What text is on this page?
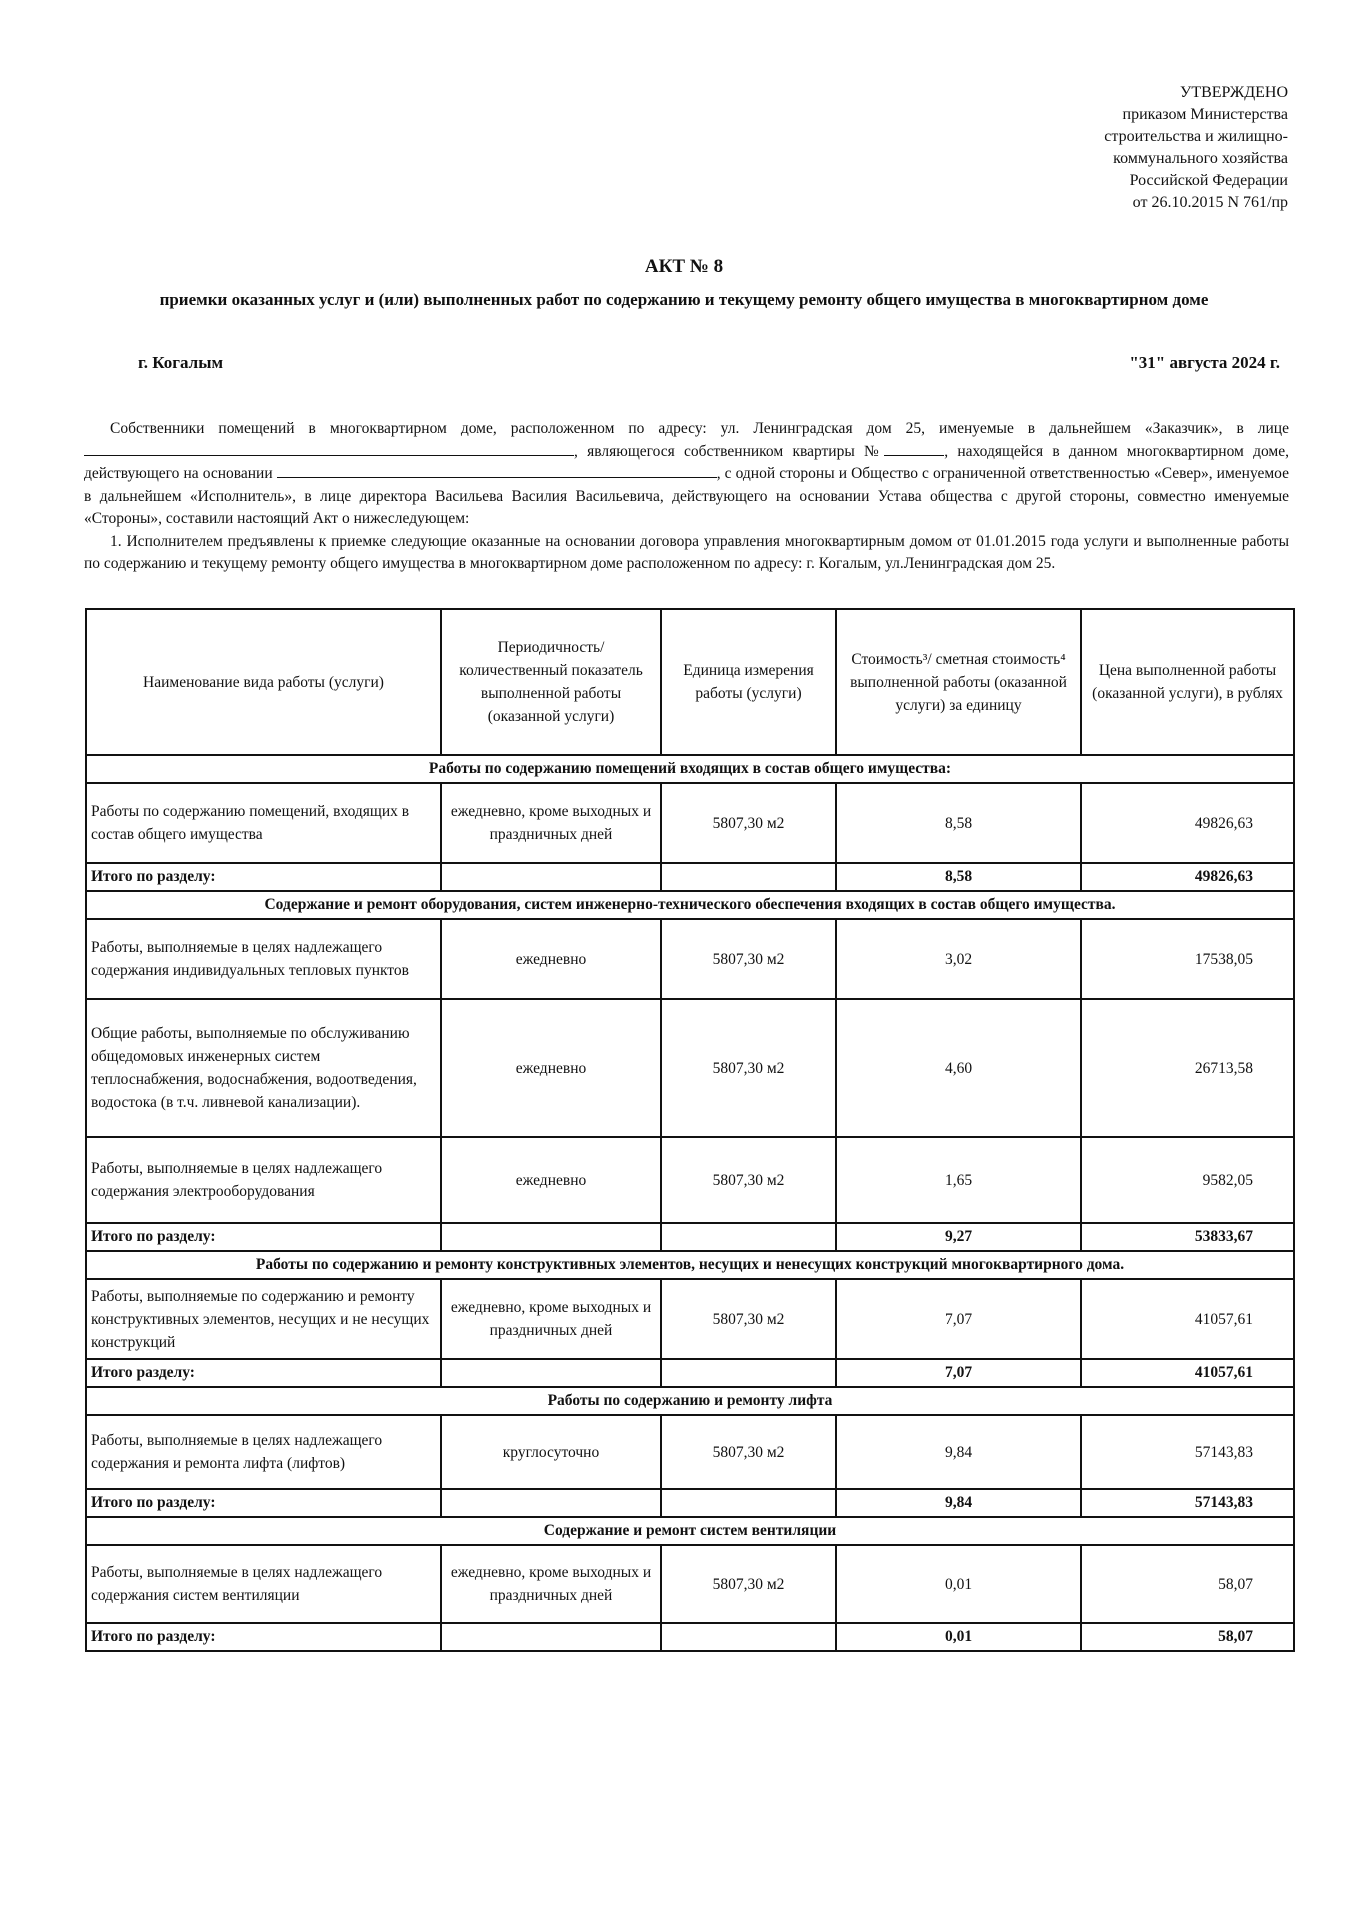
УТВЕРЖДЕНО
приказом Министерства
строительства и жилищно-
коммунального хозяйства
Российской Федерации
от 26.10.2015 N 761/пр
АКТ № 8
приемки оказанных услуг и (или) выполненных работ по содержанию и текущему ремонту общего имущества в многоквартирном доме
г. Когалым	"31" августа 2024 г.

Собственники помещений в многоквартирном доме, расположенном по адресу: ул. Ленинградская дом 25, именуемые в дальнейшем «Заказчик», в лице , являющегося собственником квартиры №	, находящейся в данном многоквартирном доме, действующего на основании	, с одной стороны и Общество с ограниченной ответственностью «Север», именуемое в дальнейшем «Исполнитель», в лице директора Васильева Василия Васильевича, действующего на основании Устава общества с другой стороны, совместно именуемые «Стороны», составили настоящий Акт о нижеследующем:

1. Исполнителем предъявлены к приемке следующие оказанные на основании договора управления многоквартирным домом от 01.01.2015 года услуги и выполненные работы по содержанию и текущему ремонту общего имущества в многоквартирном доме расположенном по адресу: г. Когалым, ул.Ленинградская дом 25.

Наименование вида работы (услуги)	Периодичность/ количественный показатель выполненной работы (оказанной услуги)	Единица измерения работы (услуги)	Стоимость³/ сметная стоимость⁴ выполненной работы (оказанной услуги) за единицу	Цена выполненной работы (оказанной услуги), в рублях
Работы по содержанию помещений входящих в состав общего имущества:				
Работы по содержанию помещений, входящих в состав общего имущества	ежедневно, кроме выходных и праздничных дней	5807,30 м2	8,58	49826,63
Итого по разделу:			8,58	49826,63
Содержание и ремонт оборудования, систем инженерно-технического обеспечения входящих в состав общего имущества.				
Работы, выполняемые в целях надлежащего содержания индивидуальных тепловых пунктов	ежедневно	5807,30 м2	3,02	17538,05
Общие работы, выполняемые по обслуживанию общедомовых инженерных систем теплоснабжения, водоснабжения, водоотведения, водостока (в т.ч. ливневой канализации).	ежедневно	5807,30 м2	4,60	26713,58
Работы, выполняемые в целях надлежащего содержания электрооборудования	ежедневно	5807,30 м2	1,65	9582,05
Итого по разделу:			9,27	53833,67
Работы по содержанию и ремонту конструктивных элементов, несущих и ненесущих конструкций многоквартирного дома.				
Работы, выполняемые по содержанию и ремонту конструктивных элементов, несущих и не несущих конструкций	ежедневно, кроме выходных и праздничных дней	5807,30 м2	7,07	41057,61
Итого разделу:			7,07	41057,61
Работы по содержанию и ремонту лифта				
Работы, выполняемые в целях надлежащего содержания и ремонта лифта (лифтов)	круглосуточно	5807,30 м2	9,84	57143,83
Итого по разделу:			9,84	57143,83
Содержание и ремонт систем вентиляции				
Работы, выполняемые в целях надлежащего содержания систем вентиляции	ежедневно, кроме выходных и праздничных дней	5807,30 м2	0,01	58,07
Итого по разделу:			0,01	58,07
